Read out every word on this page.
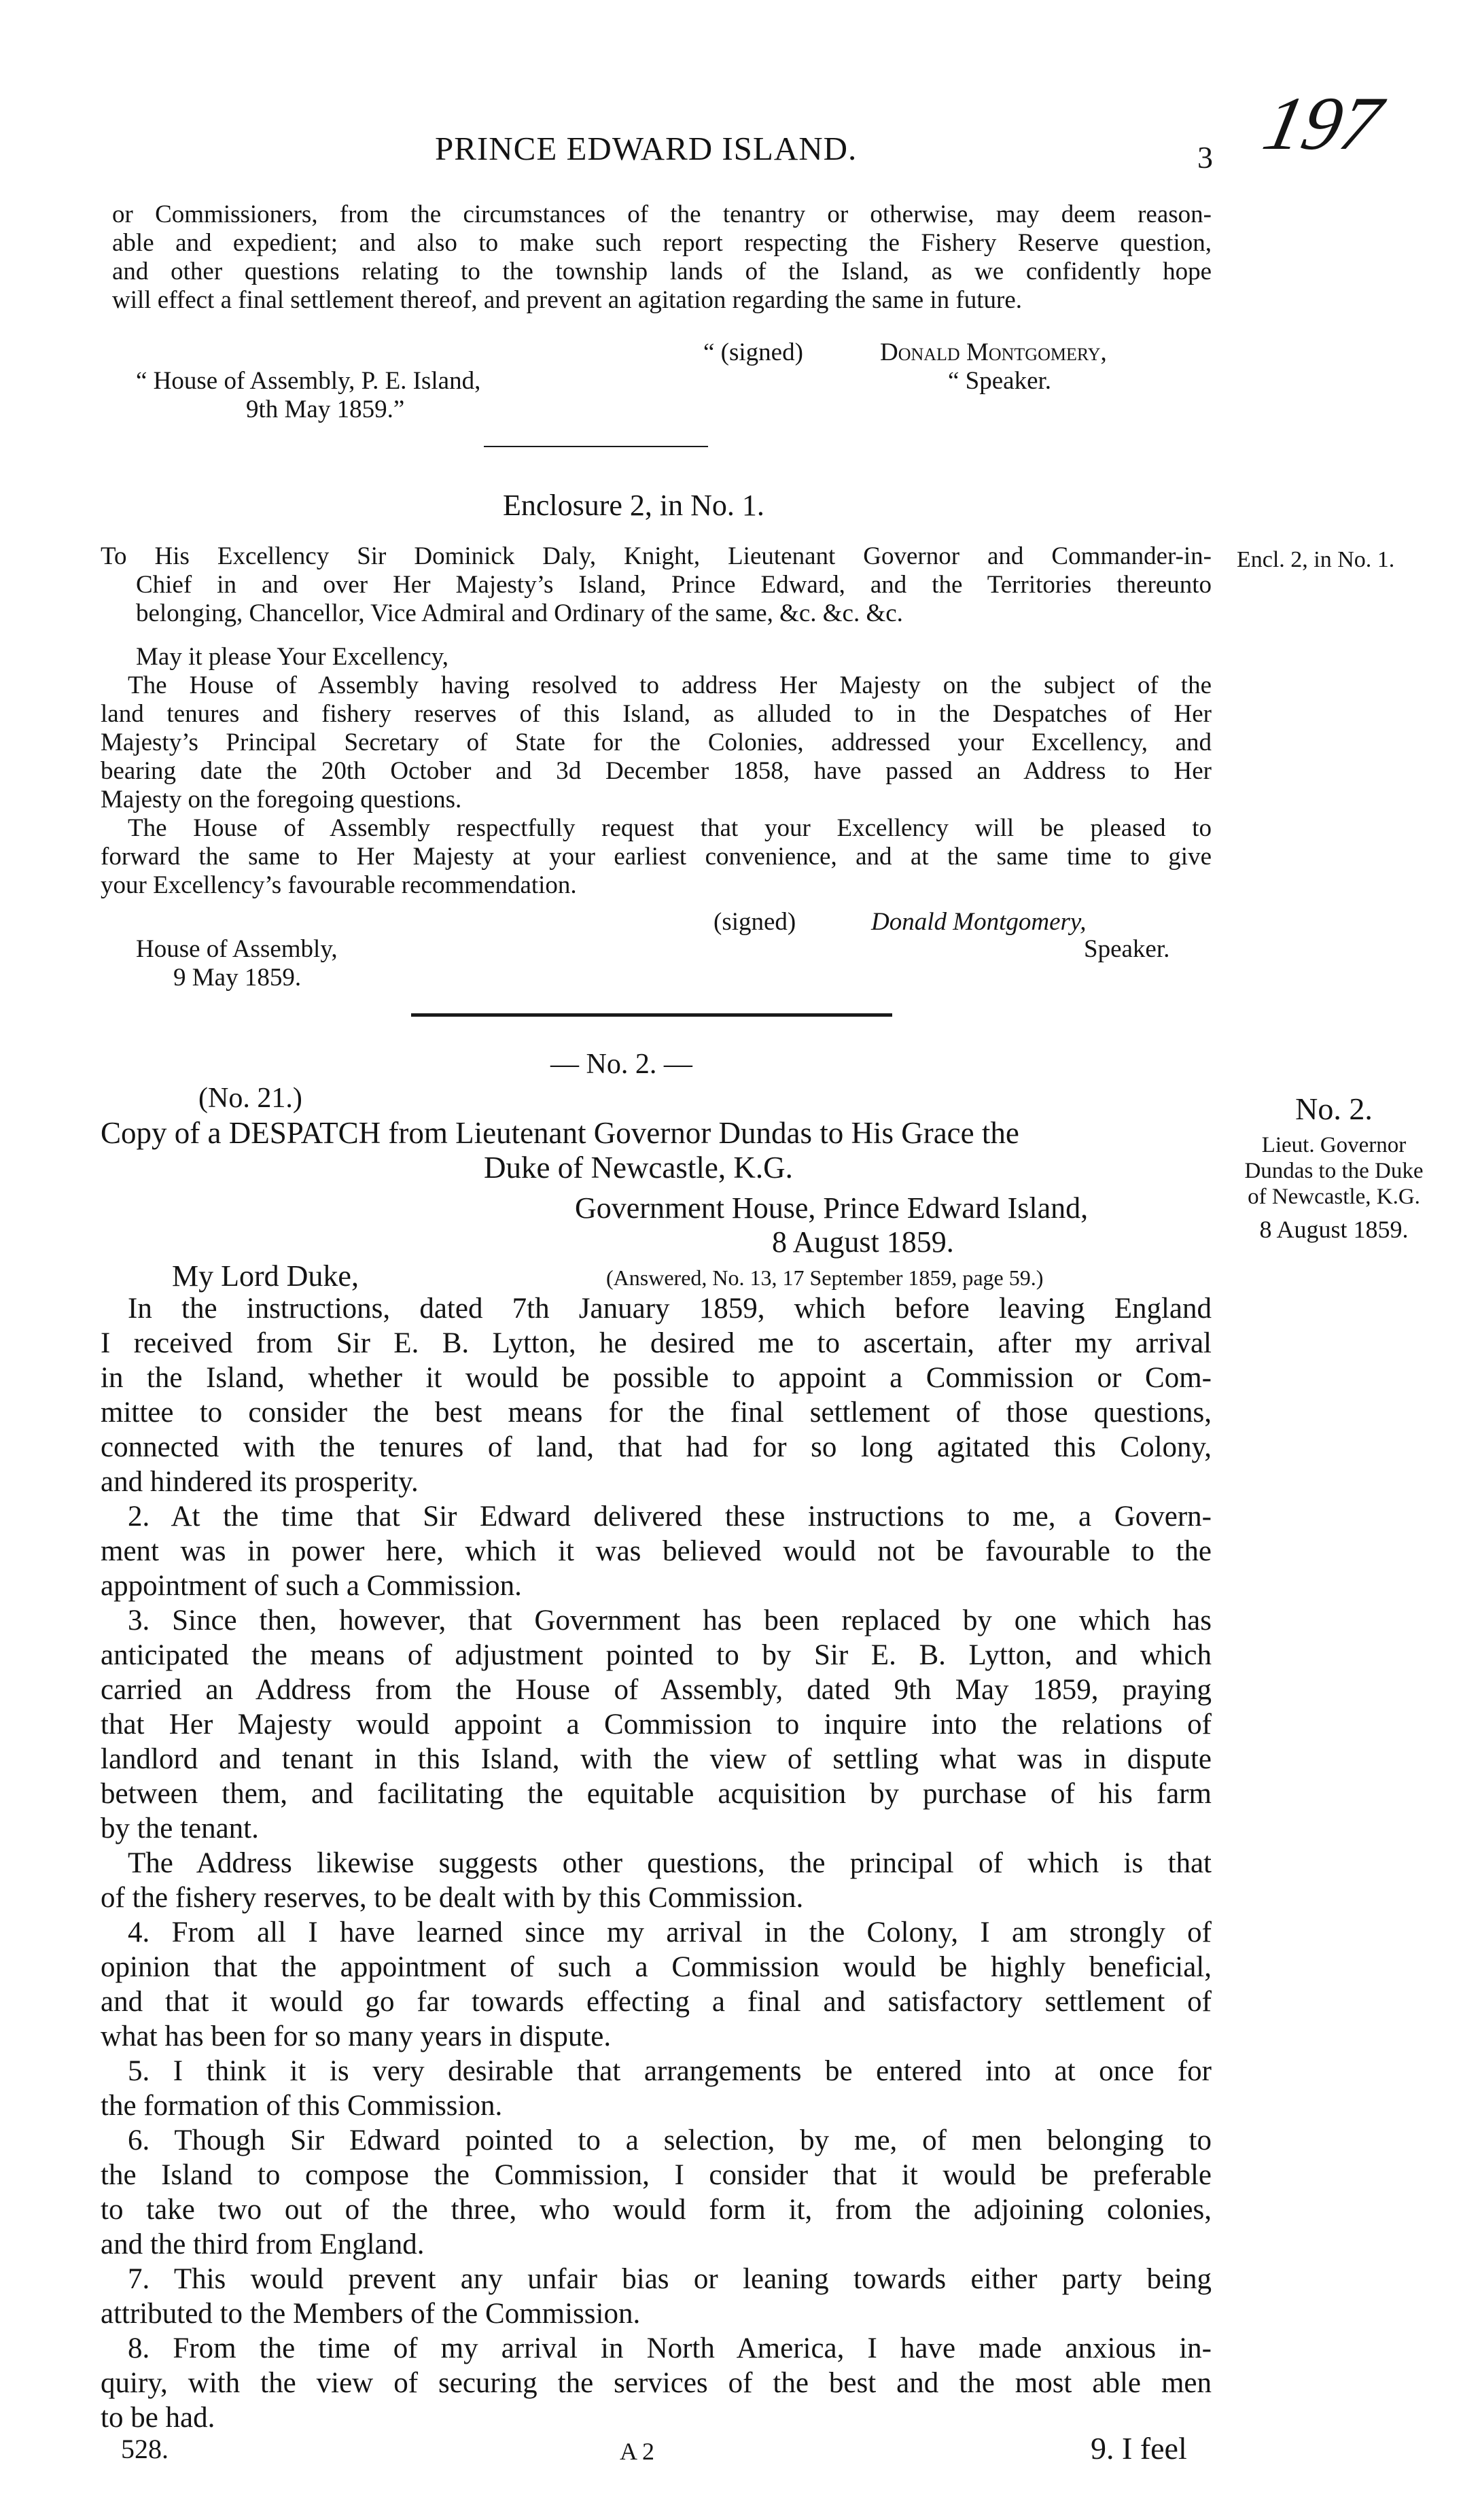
PRINCE EDWARD ISLAND.	3 197
or Commissioners, from the circumstances of the tenantry or otherwise, may deem reason-
able and expedient; and also to make such report respecting the Fishery Reserve question,
and other questions relating to the township lands of the Island, as we confidently hope
will effect a final settlement thereof, and prevent an agitation regarding the same in future.
“ (signed)	Donald Montgomery,
“ Speaker.
“ House of Assembly, P. E. Island,
9th May 1859.”
Enclosure 2, in No. 1.
Encl. 2, in No. 1.
To His Excellency Sir Dominick Daly, Knight, Lieutenant Governor and Commander-in-
Chief in and over Her Majesty’s Island, Prince Edward, and the Territories thereunto
belonging, Chancellor, Vice Admiral and Ordinary of the same, &c. &c. &c.
May it please Your Excellency,
The House of Assembly having resolved to address Her Majesty on the subject of the
land tenures and fishery reserves of this Island, as alluded to in the Despatches of Her
Majesty’s Principal Secretary of State for the Colonies, addressed your Excellency, and
bearing date the 20th October and 3d December 1858, have passed an Address to Her
Majesty on the foregoing questions.
The House of Assembly respectfully request that your Excellency will be pleased to
forward the same to Her Majesty at your earliest convenience, and at the same time to give
your Excellency’s favourable recommendation.
(signed)	Donald Montgomery,
Speaker.
House of Assembly,
9 May 1859.
— No. 2. —
(No. 21.)
Copy of a DESPATCH from Lieutenant Governor Dundas to His Grace the
Duke of Newcastle, K.G.
Government House, Prince Edward Island,
8 August 1859.
My Lord Duke,	(Answered, No. 13, 17 September 1859, page 59.)
No. 2.
Lieut. Governor
Dundas to the Duke
of Newcastle, K.G.
8 August 1859.
In the instructions, dated 7th January 1859, which before leaving England
I received from Sir E. B. Lytton, he desired me to ascertain, after my arrival
in the Island, whether it would be possible to appoint a Commission or Com-
mittee to consider the best means for the final settlement of those questions,
connected with the tenures of land, that had for so long agitated this Colony,
and hindered its prosperity.
2. At the time that Sir Edward delivered these instructions to me, a Govern-
ment was in power here, which it was believed would not be favourable to the
appointment of such a Commission.
3. Since then, however, that Government has been replaced by one which has
anticipated the means of adjustment pointed to by Sir E. B. Lytton, and which
carried an Address from the House of Assembly, dated 9th May 1859, praying
that Her Majesty would appoint a Commission to inquire into the relations of
landlord and tenant in this Island, with the view of settling what was in dispute
between them, and facilitating the equitable acquisition by purchase of his farm
by the tenant.
The Address likewise suggests other questions, the principal of which is that
of the fishery reserves, to be dealt with by this Commission.
4. From all I have learned since my arrival in the Colony, I am strongly of
opinion that the appointment of such a Commission would be highly beneficial,
and that it would go far towards effecting a final and satisfactory settlement of
what has been for so many years in dispute.
5. I think it is very desirable that arrangements be entered into at once for
the formation of this Commission.
6. Though Sir Edward pointed to a selection, by me, of men belonging to
the Island to compose the Commission, I consider that it would be preferable
to take two out of the three, who would form it, from the adjoining colonies,
and the third from England.
7. This would prevent any unfair bias or leaning towards either party being
attributed to the Members of the Commission.
8. From the time of my arrival in North America, I have made anxious in-
quiry, with the view of securing the services of the best and the most able men
to be had.
528.	A 2	9. I feel
